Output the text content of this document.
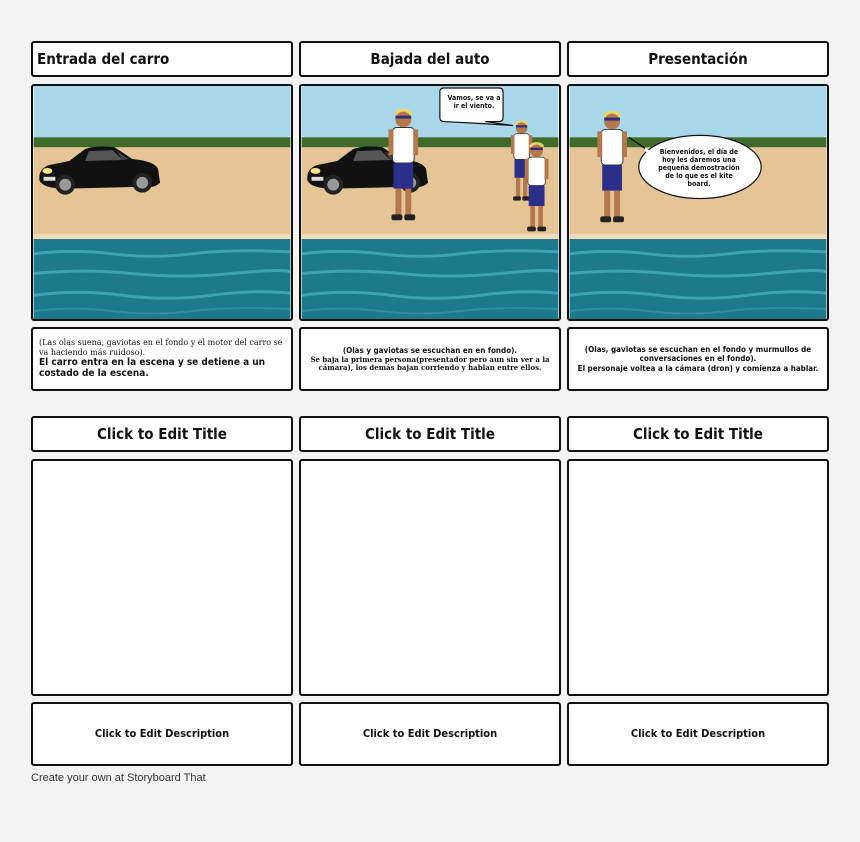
Entrada del carro
(Las olas suena, gaviotas en el fondo y el motor del carro se va haciendo más ruidoso).
El carro entra en la escena y se detiene a un costado de la escena.
Bajada del auto
Vamos, se va a ir el viento.
(Olas y gaviotas se escuchan en en fondo).
Se baja la primera persona(presentador pero aun sin ver a la cámara), los demás bajan corriendo y hablan entre ellos.
Presentación
Bienvenidos, el día de hoy les daremos una pequeña demostración de lo que es el kite board.
(Olas, gaviotas se escuchan en el fondo y murmullos de conversaciones en el fondo).
El personaje voltea a la cámara (dron) y comienza a hablar.
Click to Edit Title
Click to Edit Description
Click to Edit Title
Click to Edit Description
Click to Edit Title
Click to Edit Description
Create your own at Storyboard That
